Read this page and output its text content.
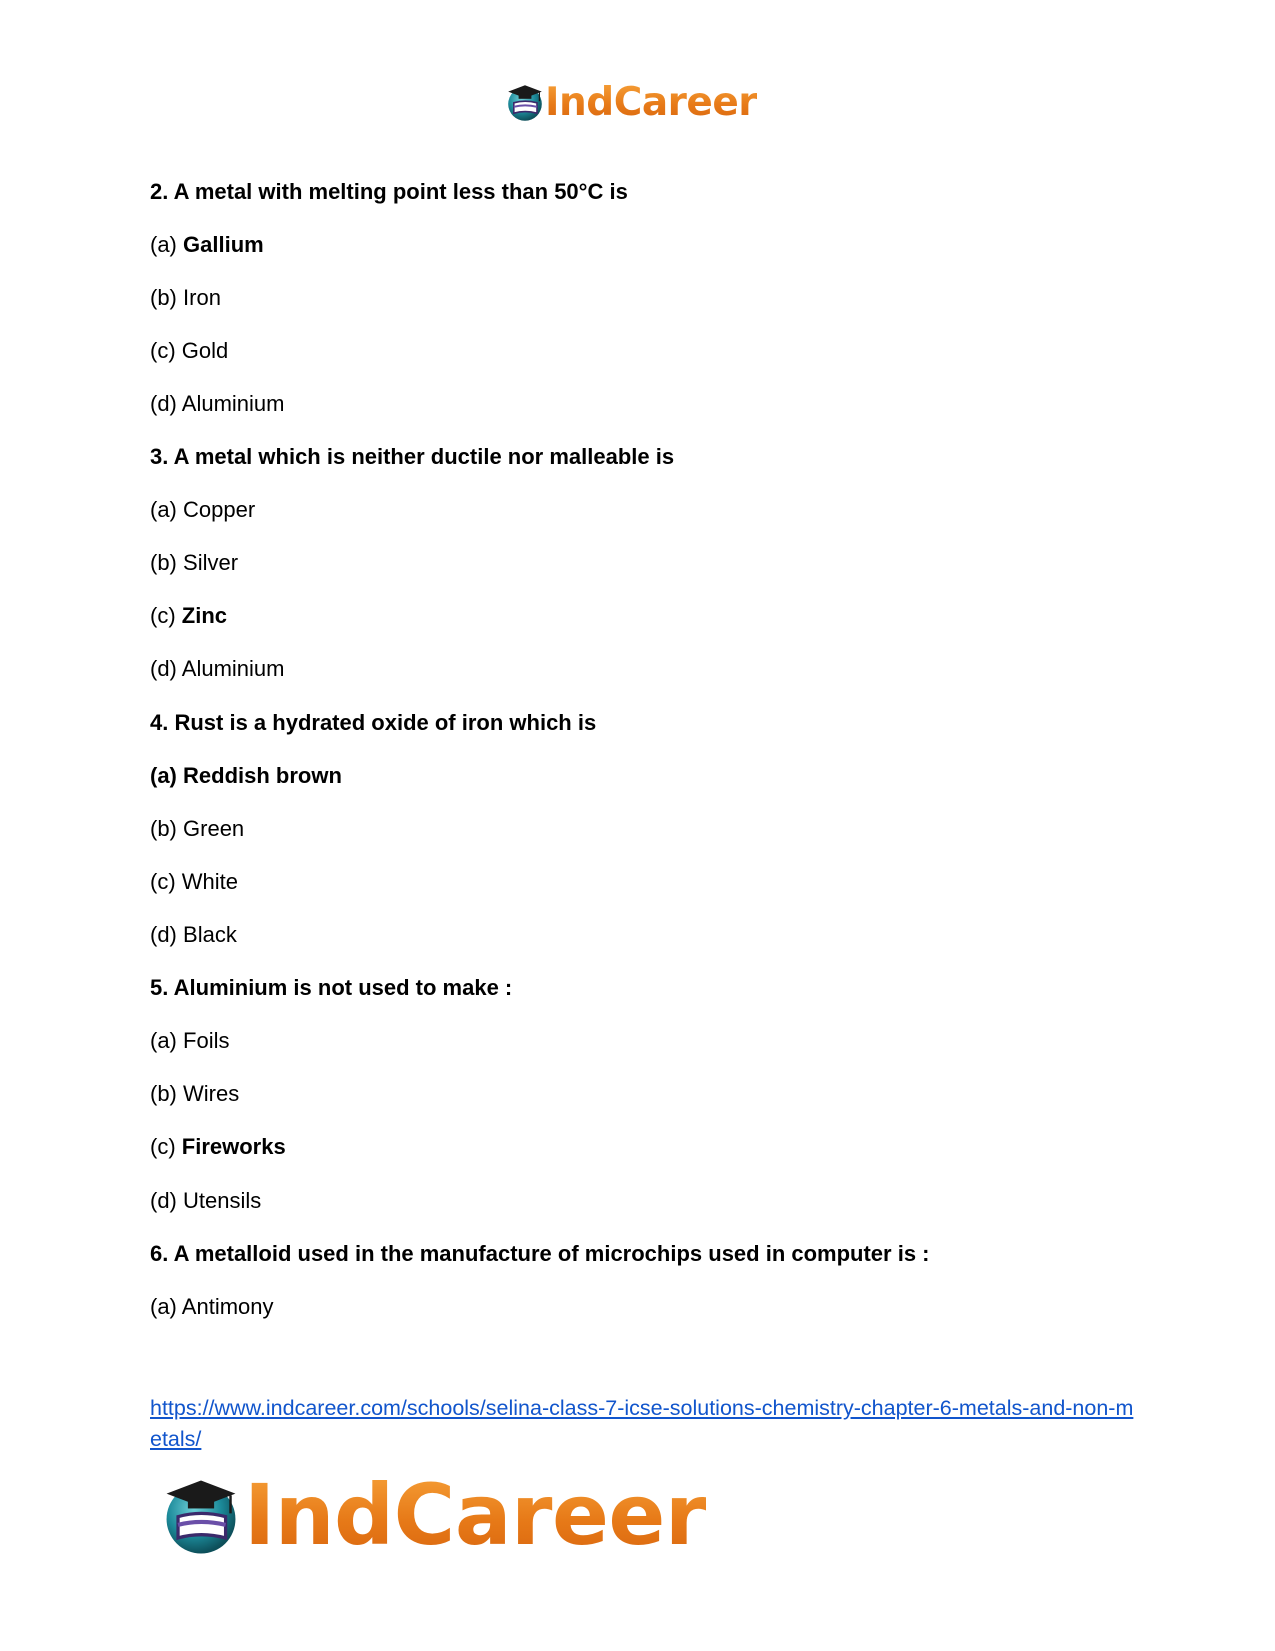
IndCareer
2. A metal with melting point less than 50°C is
(a) Gallium
(b) Iron
(c) Gold
(d) Aluminium
3. A metal which is neither ductile nor malleable is
(a) Copper
(b) Silver
(c) Zinc
(d) Aluminium
4. Rust is a hydrated oxide of iron which is
(a) Reddish brown
(b) Green
(c) White
(d) Black
5. Aluminium is not used to make :
(a) Foils
(b) Wires
(c) Fireworks
(d) Utensils
6. A metalloid used in the manufacture of microchips used in computer is :
(a) Antimony
https://www.indcareer.com/schools/selina-class-7-icse-solutions-chemistry-chapter-6-metals-and-non-metals/
IndCareer
